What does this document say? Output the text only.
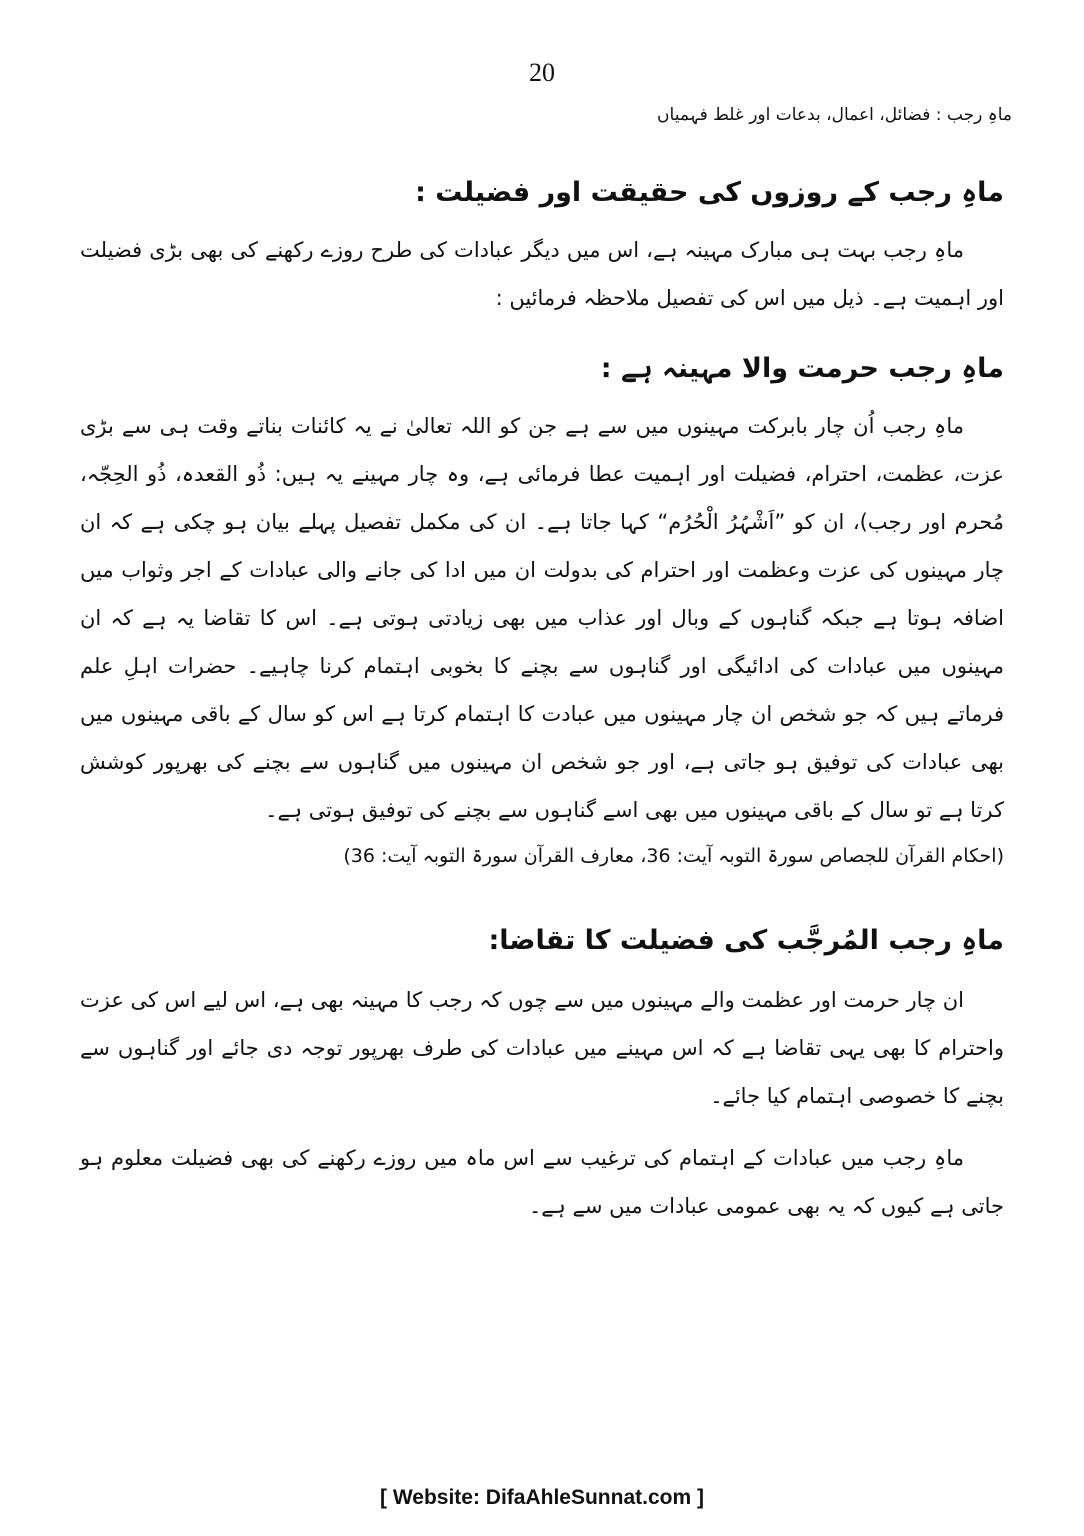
20
ماہِ رجب : فضائل، اعمال، بدعات اور غلط فہمیاں
ماہِ رجب کے روزوں کی حقیقت اور فضیلت :

ماہِ رجب بہت ہی مبارک مہینہ ہے، اس میں دیگر عبادات کی طرح روزے رکھنے کی بھی بڑی فضیلت اور اہمیت ہے۔ ذیل میں اس کی تفصیل ملاحظہ فرمائیں :

ماہِ رجب حرمت والا مہینہ ہے :

ماہِ رجب اُن چار بابرکت مہینوں میں سے ہے جن کو اللہ تعالیٰ نے یہ کائنات بناتے وقت ہی سے بڑی عزت، عظمت، احترام، فضیلت اور اہمیت عطا فرمائی ہے، وہ چار مہینے یہ ہیں: ذُو القعدہ، ذُو الحِجّہ، مُحرم اور رجب)، ان کو ”اَشْہُرُ الْحُرُم“ کہا جاتا ہے۔ ان کی مکمل تفصیل پہلے بیان ہو چکی ہے کہ ان چار مہینوں کی عزت وعظمت اور احترام کی بدولت ان میں ادا کی جانے والی عبادات کے اجر وثواب میں اضافہ ہوتا ہے جبکہ گناہوں کے وبال اور عذاب میں بھی زیادتی ہوتی ہے۔ اس کا تقاضا یہ ہے کہ ان مہینوں میں عبادات کی ادائیگی اور گناہوں سے بچنے کا بخوبی اہتمام کرنا چاہیے۔ حضرات اہلِ علم فرماتے ہیں کہ جو شخص ان چار مہینوں میں عبادت کا اہتمام کرتا ہے اس کو سال کے باقی مہینوں میں بھی عبادات کی توفیق ہو جاتی ہے، اور جو شخص ان مہینوں میں گناہوں سے بچنے کی بھرپور کوشش کرتا ہے تو سال کے باقی مہینوں میں بھی اسے گناہوں سے بچنے کی توفیق ہوتی ہے۔

(احکام القرآن للجصاص سورۃ التوبہ آیت: 36، معارف القرآن سورۃ التوبہ آیت: 36)

ماہِ رجب المُرجَّب کی فضیلت کا تقاضا:

ان چار حرمت اور عظمت والے مہینوں میں سے چوں کہ رجب کا مہینہ بھی ہے، اس لیے اس کی عزت واحترام کا بھی یہی تقاضا ہے کہ اس مہینے میں عبادات کی طرف بھرپور توجہ دی جائے اور گناہوں سے بچنے کا خصوصی اہتمام کیا جائے۔

ماہِ رجب میں عبادات کے اہتمام کی ترغیب سے اس ماہ میں روزے رکھنے کی بھی فضیلت معلوم ہو جاتی ہے کیوں کہ یہ بھی عمومی عبادات میں سے ہے۔

[ Website: DifaAhleSunnat.com ]
